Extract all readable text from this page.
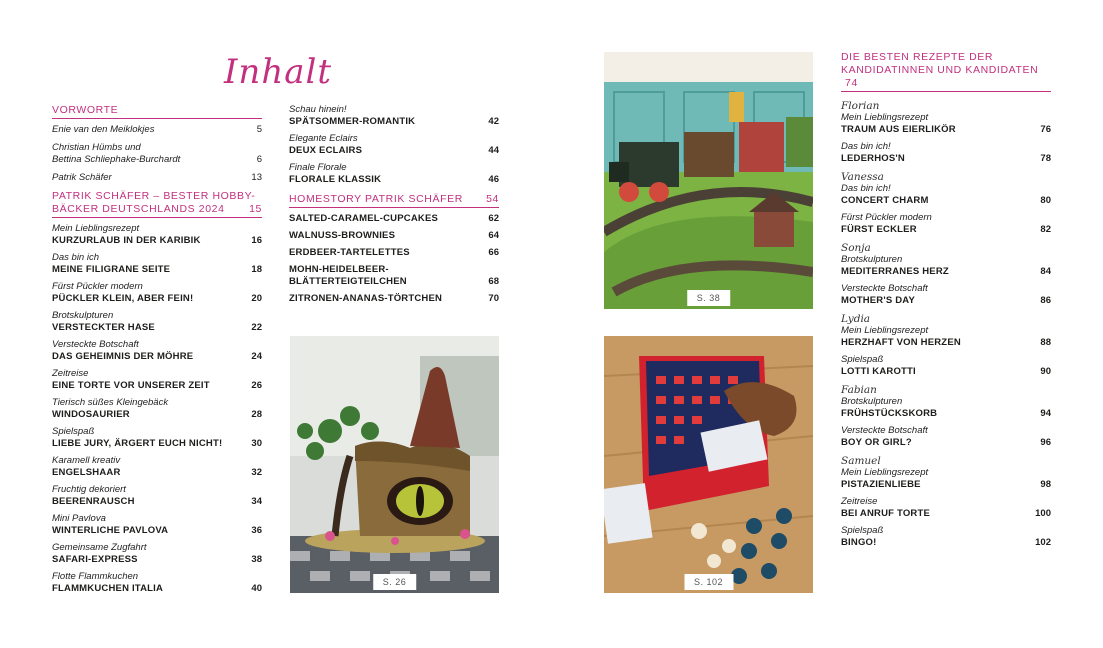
Inhalt
VORWORTE
Enie van den Meiklokjes	5
Christian Hümbs und
Bettina Schliephake-Burchardt	6
Patrik Schäfer	13
PATRIK SCHÄFER – BESTER HOBBY-
BÄCKER DEUTSCHLANDS 2024	15
Mein Lieblingsrezept
KURZURLAUB IN DER KARIBIK	16
Das bin ich
MEINE FILIGRANE SEITE	18
Fürst Pückler modern
PÜCKLER KLEIN, ABER FEIN!	20
Brotskulpturen
VERSTECKTER HASE	22
Versteckte Botschaft
DAS GEHEIMNIS DER MÖHRE	24
Zeitreise
EINE TORTE VOR UNSERER ZEIT	26
Tierisch süßes Kleingebäck
WINDOSAURIER	28
Spielspaß
LIEBE JURY, ÄRGERT EUCH NICHT!	30
Karamell kreativ
ENGELSHAAR	32
Fruchtig dekoriert
BEERENRAUSCH	34
Mini Pavlova
WINTERLICHE PAVLOVA	36
Gemeinsame Zugfahrt
SAFARI-EXPRESS	38
Flotte Flammkuchen
FLAMMKUCHEN ITALIA	40
Schau hinein!
SPÄTSOMMER-ROMANTIK	42
Elegante Eclairs
DEUX ECLAIRS	44
Finale Florale
FLORALE KLASSIK	46
HOMESTORY PATRIK SCHÄFER 54
SALTED-CARAMEL-CUPCAKES	62
WALNUSS-BROWNIES	64
ERDBEER-TARTELETTES	66
MOHN-HEIDELBEER-BLÄTTERTEIGTEILCHEN	68
ZITRONEN-ANANAS-TÖRTCHEN	70
S. 26
S. 38
S. 102
DIE BESTEN REZEPTE DER
KANDIDATINNEN UND KANDIDATEN 74
Florian
Mein Lieblingsrezept
TRAUM AUS EIERLIKÖR	76
Das bin ich!
LEDERHOS'N	78
Vanessa
Das bin ich!
CONCERT CHARM	80
Fürst Pückler modern
FÜRST ECKLER	82
Sonja
Brotskulpturen
MEDITERRANES HERZ	84
Versteckte Botschaft
MOTHER'S DAY	86
Lydia
Mein Lieblingsrezept
HERZHAFT VON HERZEN	88
Spielspaß
LOTTI KAROTTI	90
Fabian
Brotskulpturen
FRÜHSTÜCKSKORB	94
Versteckte Botschaft
BOY OR GIRL?	96
Samuel
Mein Lieblingsrezept
PISTAZIENLIEBE	98
Zeitreise
BEI ANRUF TORTE	100
Spielspaß
BINGO!	102
